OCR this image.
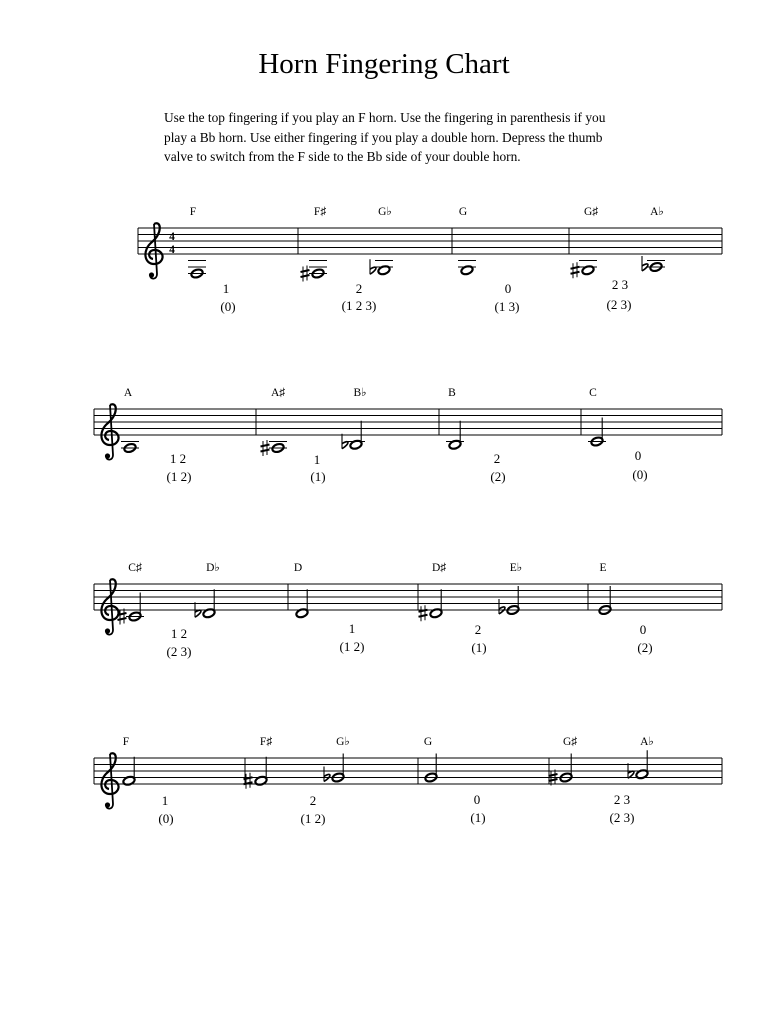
Horn Fingering Chart
Use the top fingering if you play an F horn. Use the fingering in parenthesis if you
play a Bb horn. Use either fingering if you play a double horn. Depress the thumb
valve to switch from the F side to the Bb side of your double horn.
4
4
F
1
(0)
F♯
2
(1 2 3)
G♭	G
0
(1 3)
G♯
2 3
(2 3)
A♭
A
1 2
(1 2)
A♯
1
(1)
B♭	B
2
(2)
C
0
(0)
C♯
1 2
(2 3)
D♭	D
1
(1 2)
D♯
2
(1)
E♭	E
0
(2)
F
1
(0)
F♯
2
(1 2)
G♭	G
0
(1)
G♯
2 3
(2 3)
A♭
